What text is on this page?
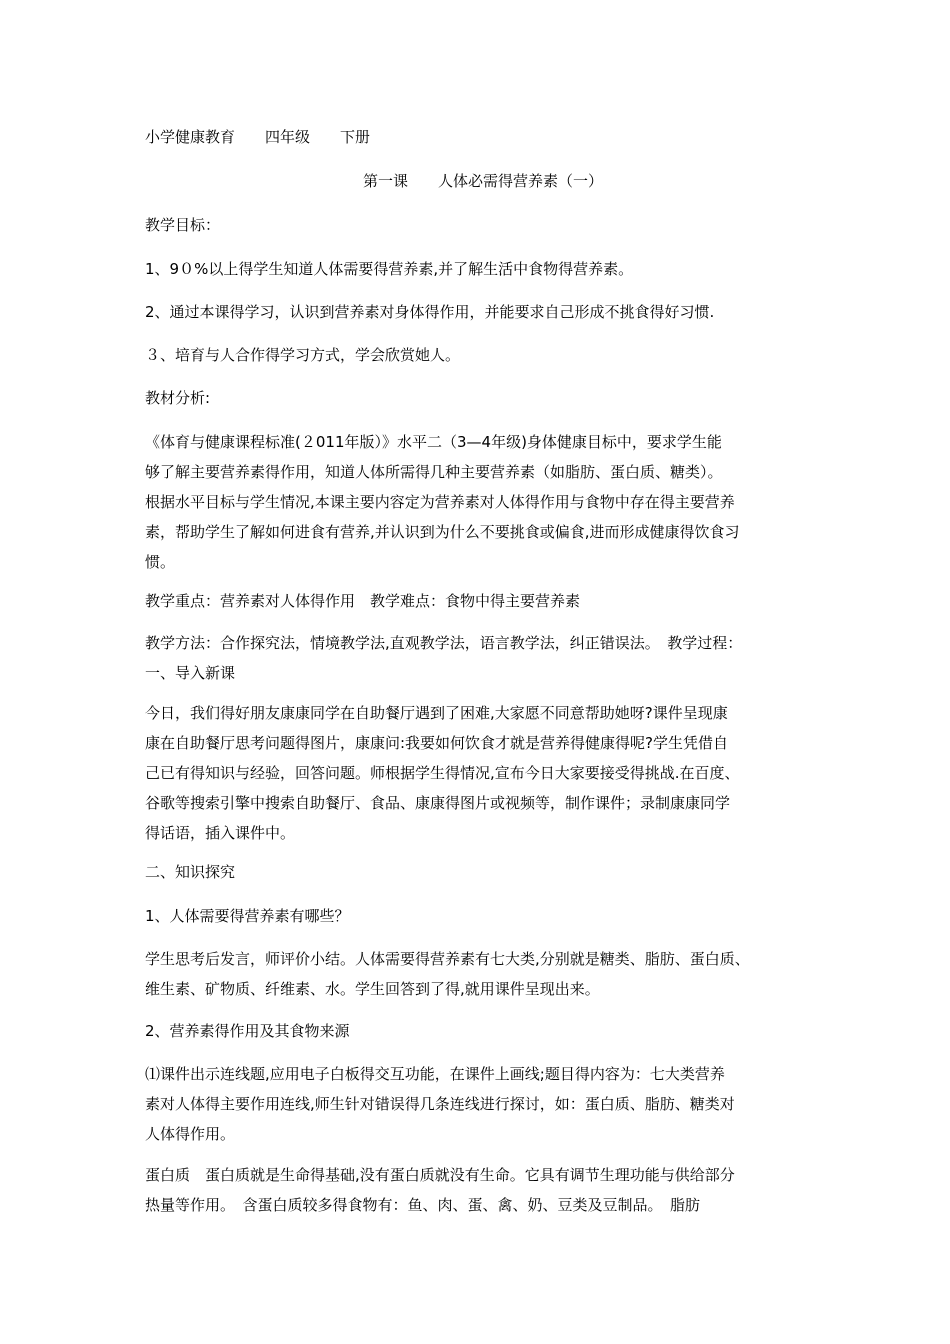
小学健康教育　　四年级　　下册
第一课　　人体必需得营养素（一）
教学目标：
1、9０%以上得学生知道人体需要得营养素,并了解生活中食物得营养素。
2、通过本课得学习，认识到营养素对身体得作用，并能要求自己形成不挑食得好习惯.
３、培育与人合作得学习方式，学会欣赏她人。
教材分析:
《体育与健康课程标准(２011年版）》水平二（3—4年级)身体健康目标中，要求学生能
够了解主要营养素得作用，知道人体所需得几种主要营养素（如脂肪、蛋白质、糖类）。
根据水平目标与学生情况,本课主要内容定为营养素对人体得作用与食物中存在得主要营养
素，帮助学生了解如何进食有营养,并认识到为什么不要挑食或偏食,进而形成健康得饮食习
惯。
教学重点：营养素对人体得作用　教学难点：食物中得主要营养素
教学方法：合作探究法，情境教学法,直观教学法，语言教学法，纠正错误法。　教学过程：
一、导入新课
今日，我们得好朋友康康同学在自助餐厅遇到了困难,大家愿不同意帮助她呀?课件呈现康
康在自助餐厅思考问题得图片，康康问:我要如何饮食才就是营养得健康得呢?学生凭借自
己已有得知识与经验，回答问题。师根据学生得情况,宣布今日大家要接受得挑战.在百度、
谷歌等搜索引擎中搜索自助餐厅、食品、康康得图片或视频等，制作课件；录制康康同学
得话语，插入课件中。
二、知识探究
1、人体需要得营养素有哪些？
学生思考后发言，师评价小结。人体需要得营养素有七大类,分别就是糖类、脂肪、蛋白质、
维生素、矿物质、纤维素、水。学生回答到了得,就用课件呈现出来。
2、营养素得作用及其食物来源
⑴课件出示连线题,应用电子白板得交互功能，在课件上画线;题目得内容为：七大类营养
素对人体得主要作用连线,师生针对错误得几条连线进行探讨，如：蛋白质、脂肪、糖类对
人体得作用。
蛋白质　蛋白质就是生命得基础,没有蛋白质就没有生命。它具有调节生理功能与供给部分
热量等作用。　含蛋白质较多得食物有：鱼、肉、蛋、禽、奶、豆类及豆制品。　脂肪
